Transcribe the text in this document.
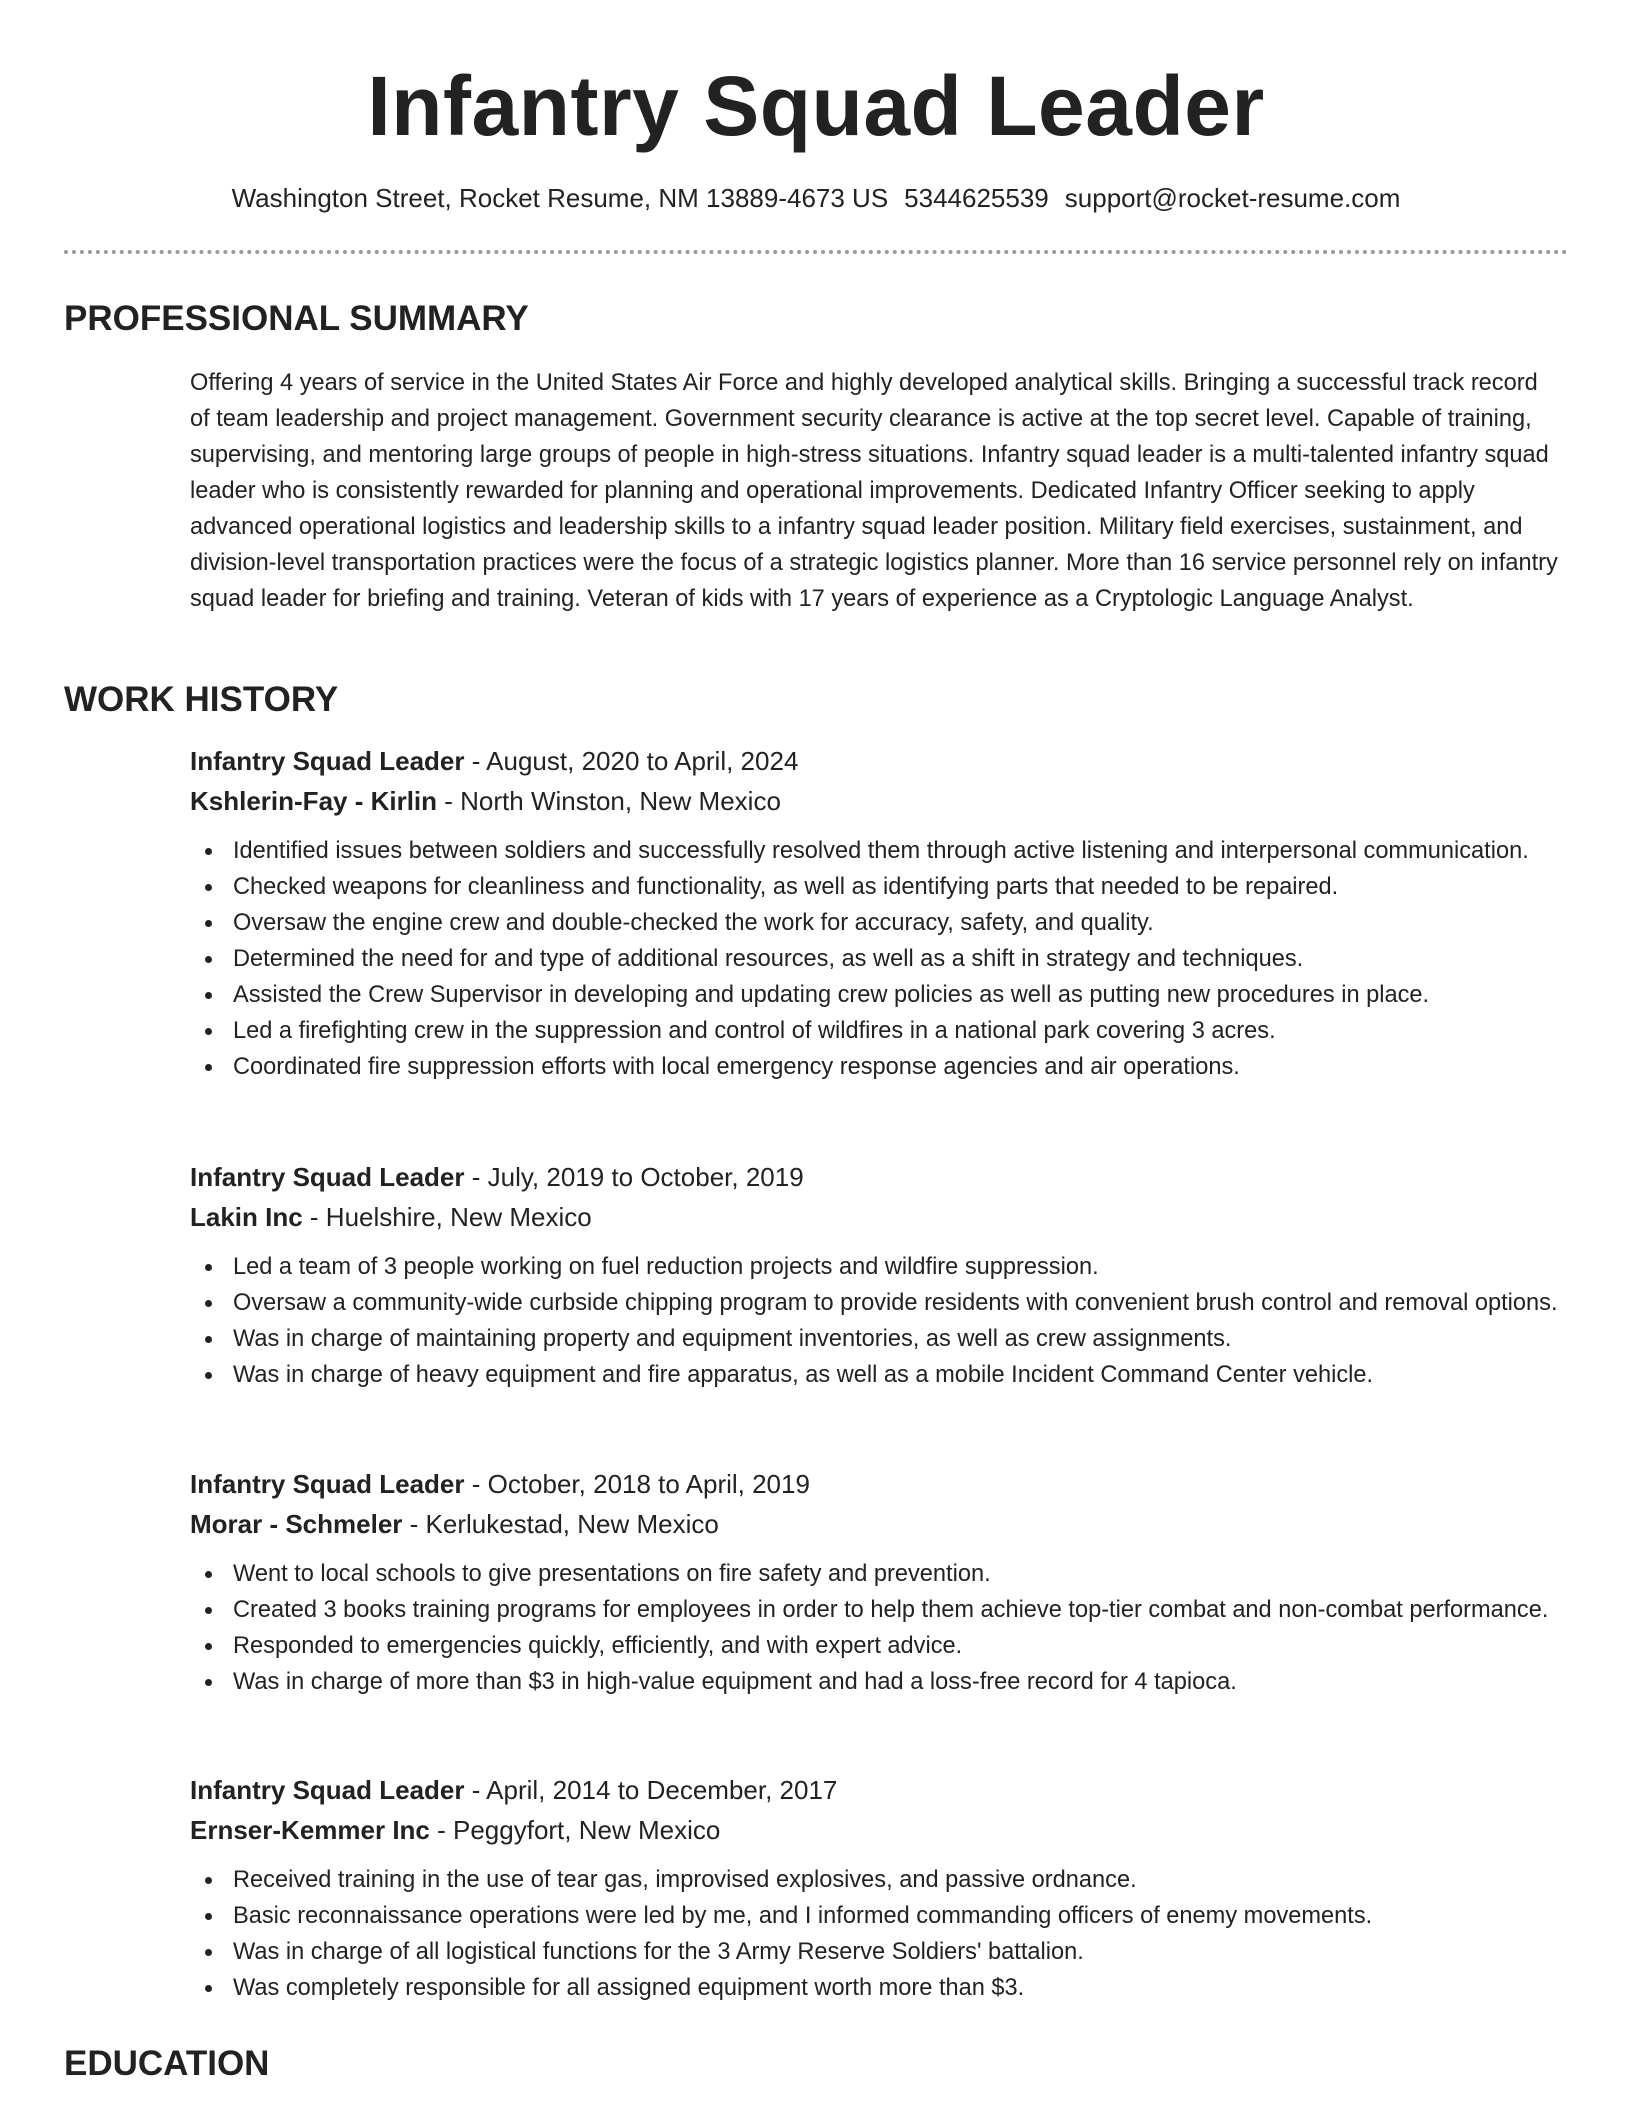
Infantry Squad Leader
Washington Street, Rocket Resume, NM 13889-4673 US 5344625539 support@rocket-resume.com
PROFESSIONAL SUMMARY

Offering 4 years of service in the United States Air Force and highly developed analytical skills. Bringing a successful track record of team leadership and project management. Government security clearance is active at the top secret level. Capable of training, supervising, and mentoring large groups of people in high-stress situations. Infantry squad leader is a multi-talented infantry squad leader who is consistently rewarded for planning and operational improvements. Dedicated Infantry Officer seeking to apply advanced operational logistics and leadership skills to a infantry squad leader position. Military field exercises, sustainment, and division-level transportation practices were the focus of a strategic logistics planner. More than 16 service personnel rely on infantry squad leader for briefing and training. Veteran of kids with 17 years of experience as a Cryptologic Language Analyst.

WORK HISTORY

Infantry Squad Leader - August, 2020 to April, 2024

Kshlerin-Fay - Kirlin - North Winston, New Mexico

Identified issues between soldiers and successfully resolved them through active listening and interpersonal communication.
Checked weapons for cleanliness and functionality, as well as identifying parts that needed to be repaired.
Oversaw the engine crew and double-checked the work for accuracy, safety, and quality.
Determined the need for and type of additional resources, as well as a shift in strategy and techniques.
Assisted the Crew Supervisor in developing and updating crew policies as well as putting new procedures in place.
Led a firefighting crew in the suppression and control of wildfires in a national park covering 3 acres.
Coordinated fire suppression efforts with local emergency response agencies and air operations.

Infantry Squad Leader - July, 2019 to October, 2019

Lakin Inc - Huelshire, New Mexico

Led a team of 3 people working on fuel reduction projects and wildfire suppression.
Oversaw a community-wide curbside chipping program to provide residents with convenient brush control and removal options.
Was in charge of maintaining property and equipment inventories, as well as crew assignments.
Was in charge of heavy equipment and fire apparatus, as well as a mobile Incident Command Center vehicle.

Infantry Squad Leader - October, 2018 to April, 2019

Morar - Schmeler - Kerlukestad, New Mexico

Went to local schools to give presentations on fire safety and prevention.
Created 3 books training programs for employees in order to help them achieve top-tier combat and non-combat performance.
Responded to emergencies quickly, efficiently, and with expert advice.
Was in charge of more than $3 in high-value equipment and had a loss-free record for 4 tapioca.

Infantry Squad Leader - April, 2014 to December, 2017

Ernser-Kemmer Inc - Peggyfort, New Mexico

Received training in the use of tear gas, improvised explosives, and passive ordnance.
Basic reconnaissance operations were led by me, and I informed commanding officers of enemy movements.
Was in charge of all logistical functions for the 3 Army Reserve Soldiers' battalion.
Was completely responsible for all assigned equipment worth more than $3.
EDUCATION
